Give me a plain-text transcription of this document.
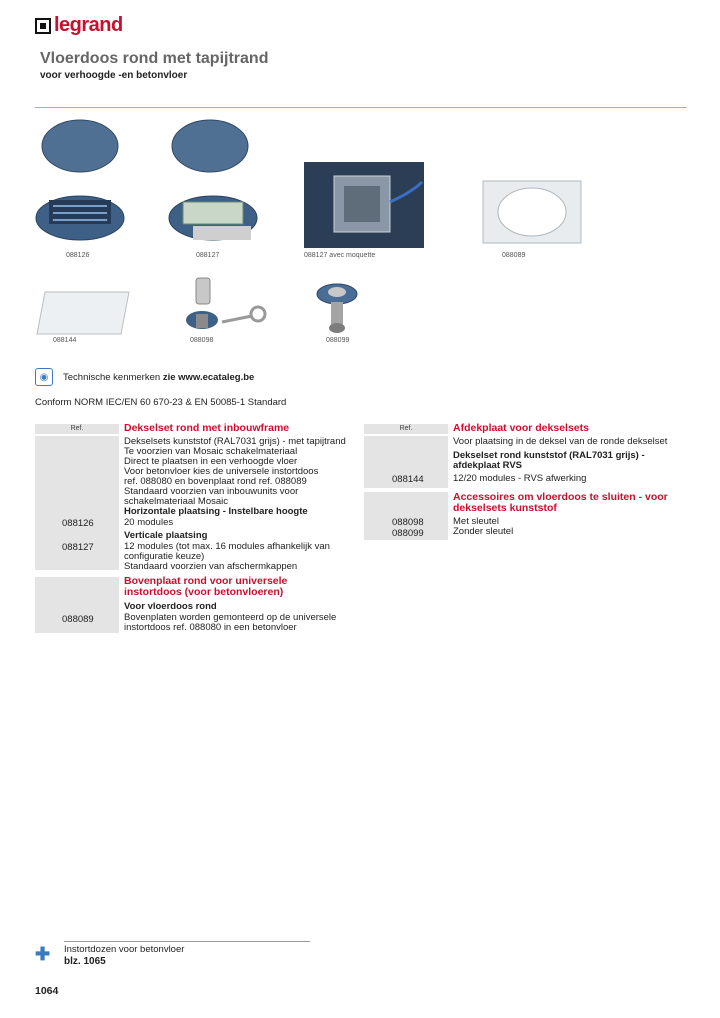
legrand
Vloerdoos rond met tapijtrand
voor verhoogde -en betonvloer
088126	088127	088127 avec moquette	088089
088144	088098	088099
◉	Technische kenmerken zie www.ecataleg.be
Conform NORM IEC/EN 60 670-23 & EN 50085-1 Standard
Ref.	Dekselset rond met inbouwframe
Dekselsets kunststof (RAL7031 grijs) - met tapijtrand
Te voorzien van Mosaic schakelmateriaal
Direct te plaatsen in een verhoogde vloer
Voor betonvloer kies de universele instortdoos
ref. 088080 en bovenplaat rond ref. 088089
Standaard voorzien van inbouwunits voor
schakelmateriaal Mosaic
Horizontale plaatsing - Instelbare hoogte
088126	20 modules
Verticale plaatsing
088127	12 modules (tot max. 16 modules afhankelijk van
configuratie keuze)
Standaard voorzien van afschermkappen
Bovenplaat rond voor universele
instortdoos (voor betonvloeren)
Voor vloerdoos rond
088089	Bovenplaten worden gemonteerd op de universele
instortdoos ref. 088080 in een betonvloer
Ref.	Afdekplaat voor dekselsets
Voor plaatsing in de deksel van de ronde dekselset
Dekselset rond kunststof (RAL7031 grijs) -
afdekplaat RVS
088144	12/20 modules - RVS afwerking
Accessoires om vloerdoos te sluiten - voor
dekselsets kunststof
088098	Met sleutel
088099	Zonder sleutel
✚	Instortdozen voor betonvloer
blz. 1065
1064
